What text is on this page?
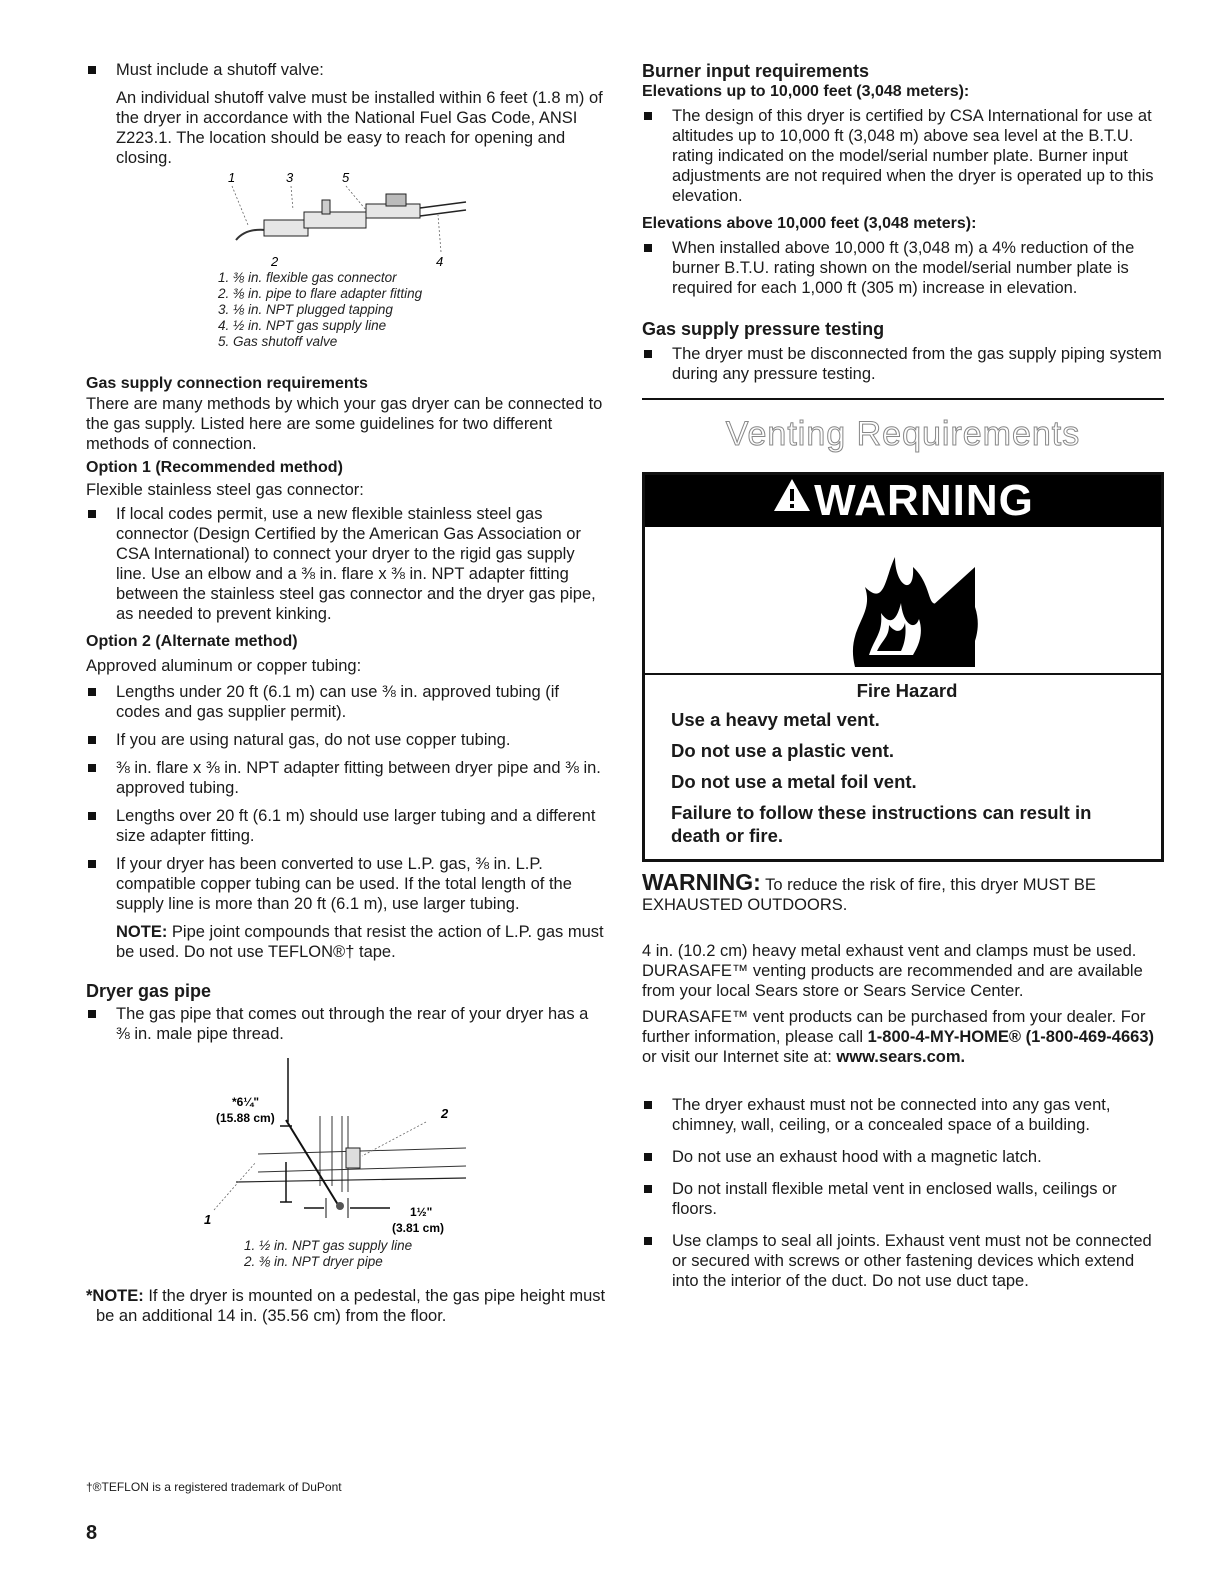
Must include a shutoff valve:

An individual shutoff valve must be installed within 6 feet (1.8 m) of the dryer in accordance with the National Fuel Gas Code, ANSI Z223.1. The location should be easy to reach for opening and closing.

1	3	5
2	4

1. ⅜ in. flexible gas connector

2. ⅜ in. pipe to flare adapter fitting

3. ⅛ in. NPT plugged tapping

4. ½ in. NPT gas supply line

5. Gas shutoff valve

Gas supply connection requirements

There are many methods by which your gas dryer can be connected to the gas supply. Listed here are some guidelines for two different methods of connection.

Option 1 (Recommended method)

Flexible stainless steel gas connector:

If local codes permit, use a new flexible stainless steel gas connector (Design Certified by the American Gas Association or CSA International) to connect your dryer to the rigid gas supply line. Use an elbow and a ⅜ in. flare x ⅜ in. NPT adapter fitting between the stainless steel gas connector and the dryer gas pipe, as needed to prevent kinking.

Option 2 (Alternate method)

Approved aluminum or copper tubing:

Lengths under 20 ft (6.1 m) can use ⅜ in. approved tubing (if codes and gas supplier permit).

If you are using natural gas, do not use copper tubing.

⅜ in. flare x ⅜ in. NPT adapter fitting between dryer pipe and ⅜ in. approved tubing.

Lengths over 20 ft (6.1 m) should use larger tubing and a different size adapter fitting.

If your dryer has been converted to use L.P. gas, ⅜ in. L.P. compatible copper tubing can be used. If the total length of the supply line is more than 20 ft (6.1 m), use larger tubing.

NOTE: Pipe joint compounds that resist the action of L.P. gas must be used. Do not use TEFLON®† tape.

Dryer gas pipe

The gas pipe that comes out through the rear of your dryer has a ⅜ in. male pipe thread.

*6¼"
(15.88 cm)	2
1	1½"
(3.81 cm)

1. ½ in. NPT gas supply line

2. ⅜ in. NPT dryer pipe

*NOTE: If the dryer is mounted on a pedestal, the gas pipe height must be an additional 14 in. (35.56 cm) from the floor.

Burner input requirements

Elevations up to 10,000 feet (3,048 meters):

The design of this dryer is certified by CSA International for use at altitudes up to 10,000 ft (3,048 m) above sea level at the B.T.U. rating indicated on the model/serial number plate. Burner input adjustments are not required when the dryer is operated up to this elevation.

Elevations above 10,000 feet (3,048 meters):

When installed above 10,000 ft (3,048 m) a 4% reduction of the burner B.T.U. rating shown on the model/serial number plate is required for each 1,000 ft (305 m) increase in elevation.

Gas supply pressure testing

The dryer must be disconnected from the gas supply piping system during any pressure testing.

Venting Requirements

WARNING

Fire Hazard

Use a heavy metal vent.

Do not use a plastic vent.

Do not use a metal foil vent.

Failure to follow these instructions can result in death or fire.

WARNING: To reduce the risk of fire, this dryer MUST BE EXHAUSTED OUTDOORS.

4 in. (10.2 cm) heavy metal exhaust vent and clamps must be used. DURASAFE™ venting products are recommended and are available from your local Sears store or Sears Service Center.

DURASAFE™ vent products can be purchased from your dealer. For further information, please call 1-800-4-MY-HOME® (1-800-469-4663) or visit our Internet site at: www.sears.com.

The dryer exhaust must not be connected into any gas vent, chimney, wall, ceiling, or a concealed space of a building.

Do not use an exhaust hood with a magnetic latch.

Do not install flexible metal vent in enclosed walls, ceilings or floors.

Use clamps to seal all joints. Exhaust vent must not be connected or secured with screws or other fastening devices which extend into the interior of the duct. Do not use duct tape.

†®TEFLON is a registered trademark of DuPont

8
